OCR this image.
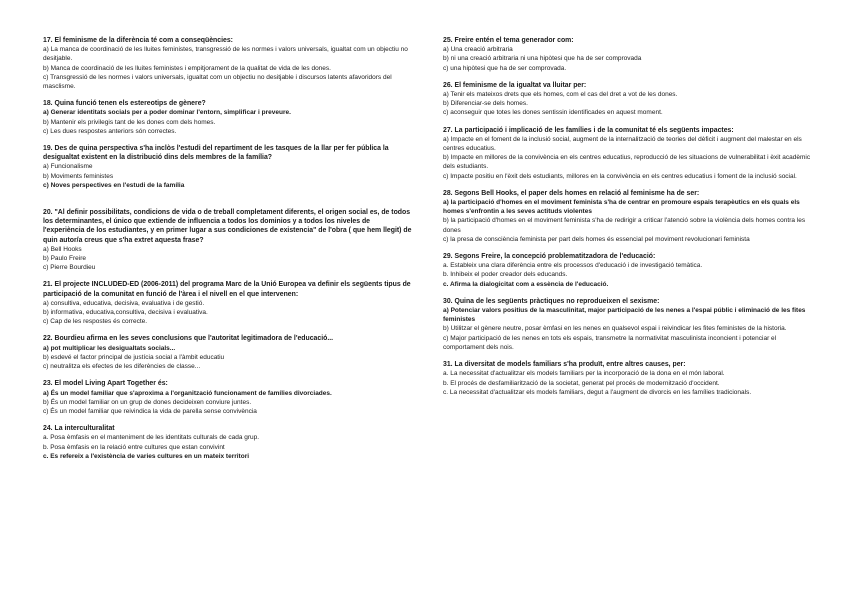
17. El feminisme de la diferència té com a conseqüències:

a) La manca de coordinació de les lluites feministes, transgressió de les normes i valors universals, igualtat com un objectiu no desitjable.

b) Manca de coordinació de les lluites feministes i empitjorament de la qualitat de vida de les dones.

c) Transgressió de les normes i valors universals, igualtat com un objectiu no desitjable i discursos latents afavoridors del masclisme.

18. Quina funció tenen els estereotips de gènere?

a) Generar identitats socials per a poder dominar l'entorn, simplificar i preveure.

b) Mantenir els privilegis tant de les dones com dels homes.

c) Les dues respostes anteriors són correctes.

19. Des de quina perspectiva s'ha inclòs l'estudi del repartiment de les tasques de la llar per fer pública la desigualtat existent en la distribució dins dels membres de la família?

a) Funcionalisme

b) Moviments feministes

c) Noves perspectives en l'estudi de la família

20. "Al definir possibilitats, condicions de vida o de treball completament diferents, el origen social es, de todos los determinantes, el único que extiende de influencia a todos los dominios y a todos los niveles de l'experiència de los estudiantes, y en primer lugar a sus condiciones de existencia" de l'obra ( que hem llegit) de quin autor/a creus que s'ha extret aquesta frase?

a) Bell Hooks

b) Paulo Freire

c) Pierre Bourdieu

21. El projecte INCLUDED-ED (2006-2011) del programa Marc de la Unió Europea va definir els següents tipus de participació de la comunitat en funció de l'àrea i el nivell en el que intervenen:

a) consultiva, educativa, decisiva, evaluativa i de gestió.

b) informativa, educativa,consultiva, decisiva i evaluativa.

c) Cap de les respostes és correcte.

22. Bourdieu afirma en les seves conclusions que l'autoritat legitimadora de l'educació...

a) pot multiplicar les desigualtats socials...

b) esdevé el factor principal de justícia social a l'àmbit educatiu

c) neutralitza els efectes de les diferències de classe...

23. El model Living Apart Together és:

a) És un model familiar que s'aproxima a l'organització funcionament de famílies divorciades.

b) És un model familiar on un grup de dones decideixen conviure juntes.

c) És un model familiar que reivindica la vida de parella sense convivència

24. La interculturalitat

a. Posa èmfasis en el manteniment de les identitats culturals de cada grup.

b. Posa èmfasis en la relació entre cultures que estan convivint

c. Es refereix a l'existència de varies cultures en un mateix territori

25. Freire entén el tema generador com:

a) Una creació arbitraria

b) ni una creació arbitraria ni una hipòtesi que ha de ser comprovada

c) una hipòtesi que ha de ser comprovada.

26. El feminisme de la igualtat va lluitar per:

a) Tenir els mateixos drets que els homes, com el cas del dret a vot de les dones.

b) Diferenciar-se dels homes.

c) aconseguir que totes les dones sentissin identificades en aquest moment.

27. La participació i implicació de les famílies i de la comunitat té els següents impactes:

a) Impacte en el foment de la inclusió social, augment de la internalització de teories del dèficit i augment del malestar en els centres educatius.

b) Impacte en millores de la convivència en els centres educatius, reproducció de les situacions de vulnerabilitat i èxit acadèmic dels estudiants.

c) Impacte positiu en l'èxit dels estudiants, millores en la convivència en els centres educatius i foment de la inclusió social.

28. Segons Bell Hooks, el paper dels homes en relació al feminisme ha de ser:

a) la participació d'homes en el moviment feminista s'ha de centrar en promoure espais terapèutics en els quals els homes s'enfrontin a les seves actituds violentes

b) la participació d'homes en el moviment feminista s'ha de redirigir a criticar l'atenció sobre la violència dels homes contra les dones

c) la presa de consciència feminista per part dels homes és essencial pel moviment revolucionari feminista

29. Segons Freire, la concepció problematitzadora de l'educació:

a. Estableix una clara diferència entre els processos d'educació i de investigació temàtica.

b. Inhibeix el poder creador dels educands.

c. Afirma la dialogicitat com a essència de l'educació.

30. Quina de les següents pràctiques no reprodueixen el sexisme:

a) Potenciar valors positius de la masculinitat, major participació de les nenes a l'espai públic i eliminació de les fites feministes

b) Utilitzar el gènere neutre, posar èmfasi en les nenes en qualsevol espai i reivindicar les fites feministes de la historia.

c) Major participació de les nenes en tots els espais, transmetre la normativitat masculinista inconcient i potenciar el comportament dels nois.

31. La diversitat de models familiars s'ha produït, entre altres causes, per:

a. La necessitat d'actualitzar els models familiars per la incorporació de la dona en el món laboral.

b. El procés de desfamiliarització de la societat, generat pel procés de modernització d'occident.

c. La necessitat d'actualitzar els models familiars, degut a l'augment de divorcis en les famílies tradicionals.
